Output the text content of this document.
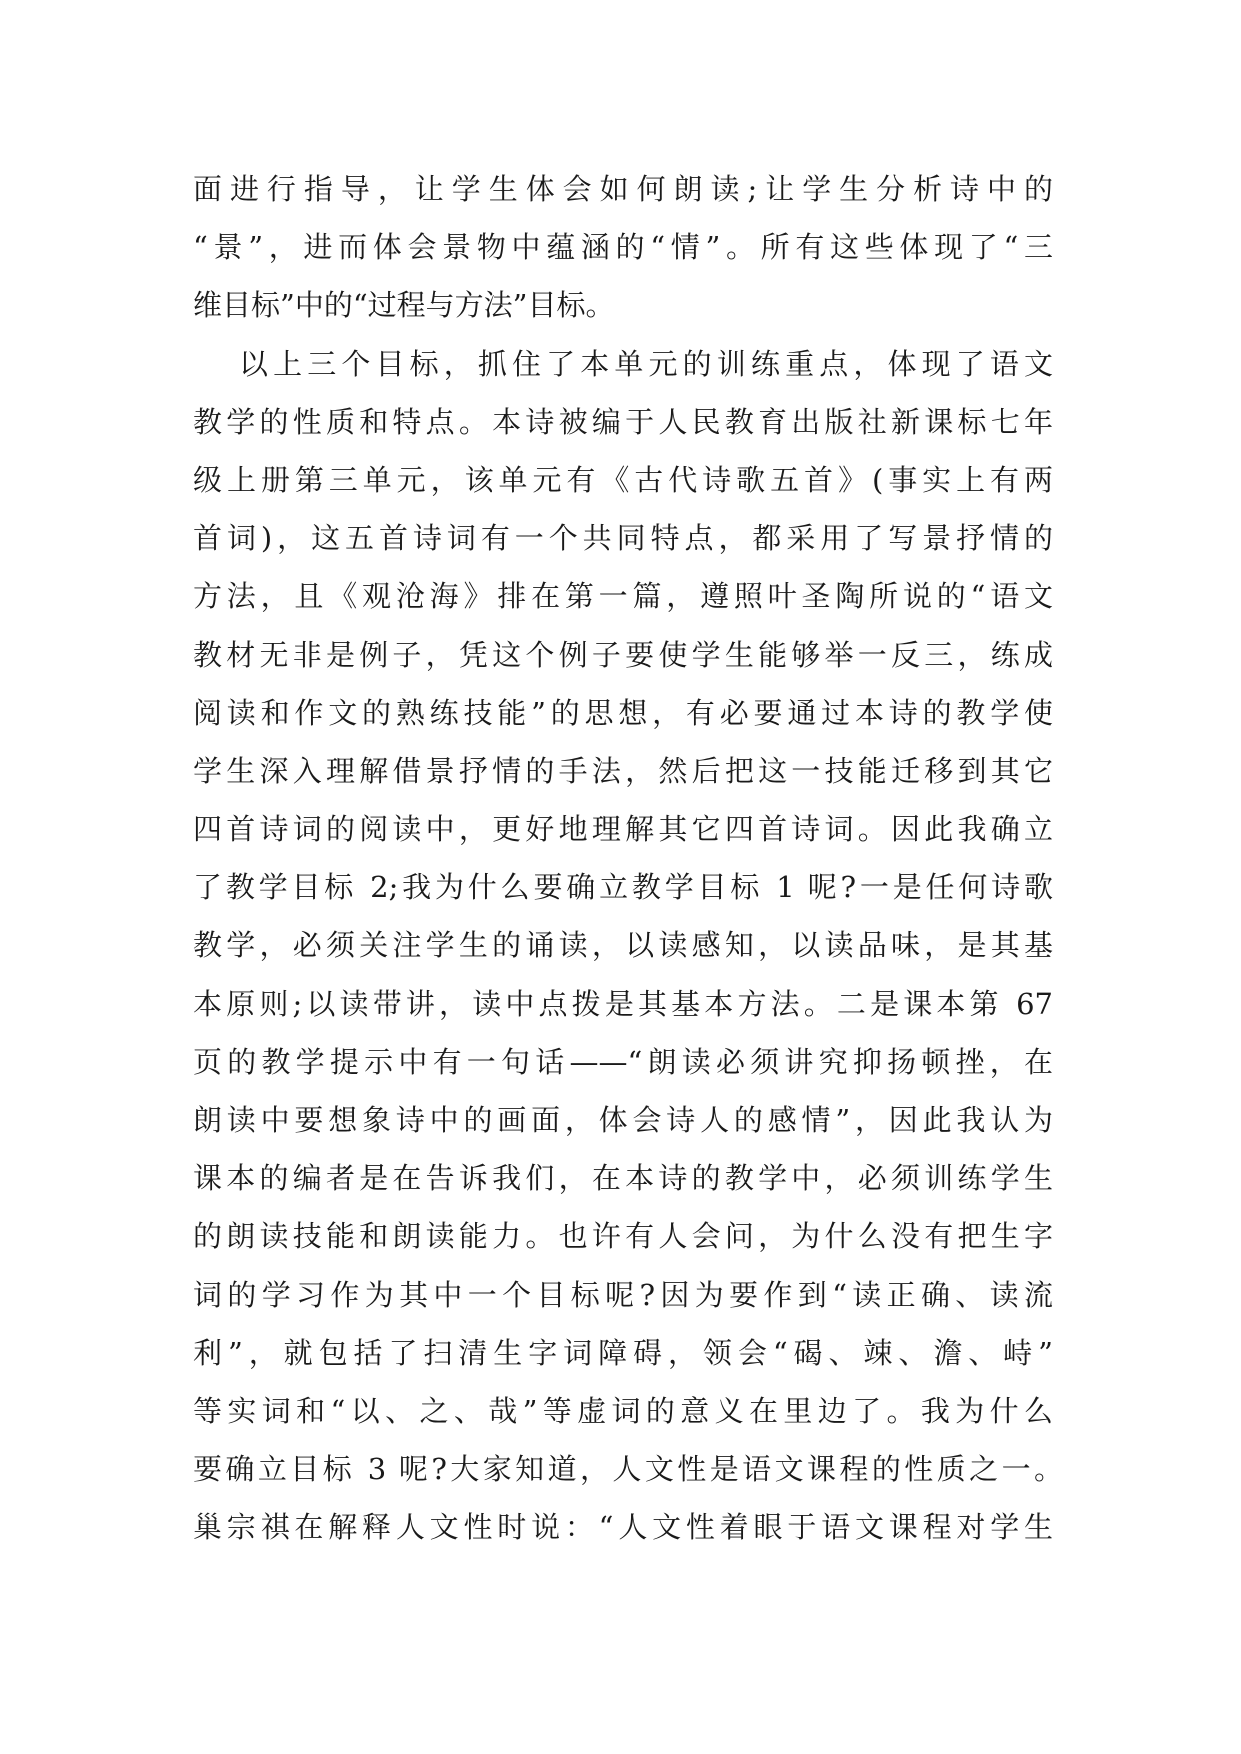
面进行指导，让学生体会如何朗读;让学生分析诗中的
“景”，进而体会景物中蕴涵的“情”。所有这些体现了“三
维目标”中的“过程与方法”目标。
以上三个目标，抓住了本单元的训练重点，体现了语文
教学的性质和特点。本诗被编于人民教育出版社新课标七年
级上册第三单元，该单元有《古代诗歌五首》(事实上有两
首词)，这五首诗词有一个共同特点，都采用了写景抒情的
方法，且《观沧海》排在第一篇，遵照叶圣陶所说的“语文
教材无非是例子，凭这个例子要使学生能够举一反三，练成
阅读和作文的熟练技能”的思想，有必要通过本诗的教学使
学生深入理解借景抒情的手法，然后把这一技能迁移到其它
四首诗词的阅读中，更好地理解其它四首诗词。因此我确立
了教学目标 2;我为什么要确立教学目标 1 呢?一是任何诗歌
教学，必须关注学生的诵读，以读感知，以读品味，是其基
本原则;以读带讲，读中点拨是其基本方法。二是课本第 67
页的教学提示中有一句话——“朗读必须讲究抑扬顿挫，在
朗读中要想象诗中的画面，体会诗人的感情”，因此我认为
课本的编者是在告诉我们，在本诗的教学中，必须训练学生
的朗读技能和朗读能力。也许有人会问，为什么没有把生字
词的学习作为其中一个目标呢?因为要作到“读正确、读流
利”，就包括了扫清生字词障碍，领会“碣、竦、澹、峙”
等实词和“以、之、哉”等虚词的意义在里边了。我为什么
要确立目标 3 呢?大家知道，人文性是语文课程的性质之一。
巢宗祺在解释人文性时说：“人文性着眼于语文课程对学生
